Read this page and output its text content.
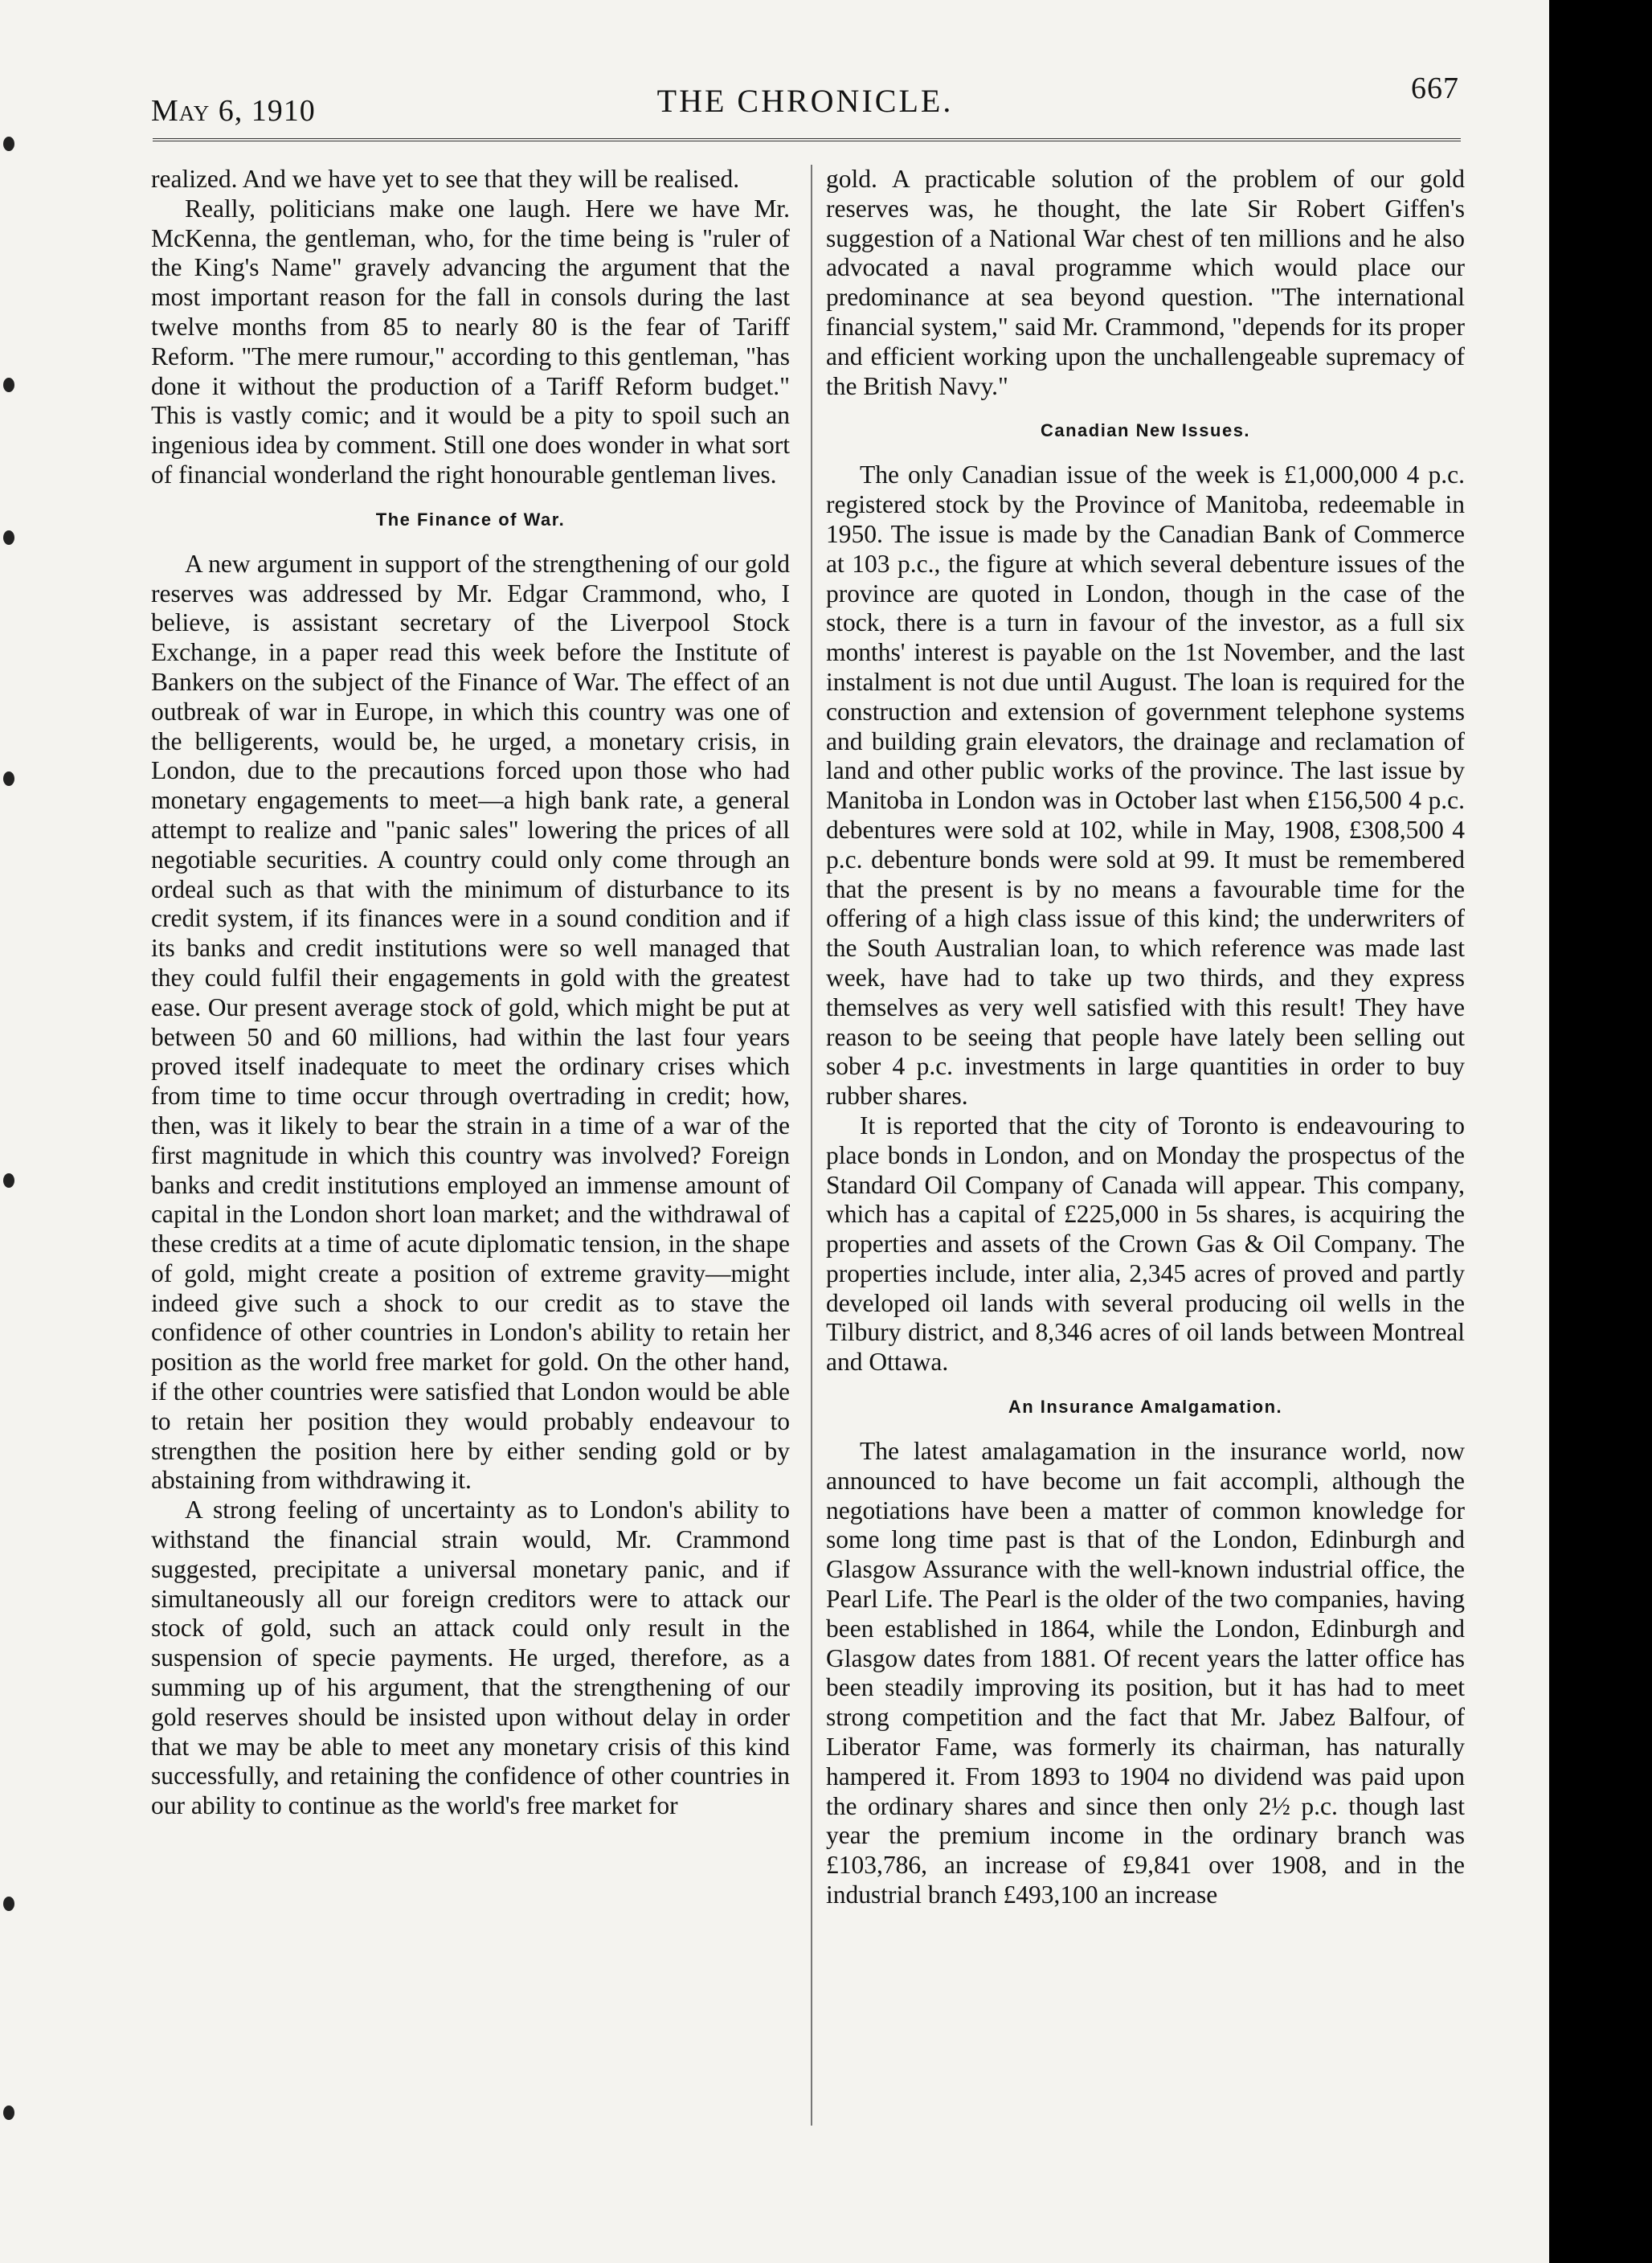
May 6, 1910	THE CHRONICLE.	667

realized. And we have yet to see that they will be realised.

Really, politicians make one laugh. Here we have Mr. McKenna, the gentleman, who, for the time being is "ruler of the King's Name" gravely advancing the argument that the most important reason for the fall in consols during the last twelve months from 85 to nearly 80 is the fear of Tariff Reform. "The mere rumour," according to this gentleman, "has done it without the production of a Tariff Reform budget." This is vastly comic; and it would be a pity to spoil such an ingenious idea by comment. Still one does wonder in what sort of financial wonderland the right honourable gentleman lives.

The Finance of War.

A new argument in support of the strengthening of our gold reserves was addressed by Mr. Edgar Crammond, who, I believe, is assistant secretary of the Liverpool Stock Exchange, in a paper read this week before the Institute of Bankers on the subject of the Finance of War. The effect of an outbreak of war in Europe, in which this country was one of the belligerents, would be, he urged, a monetary crisis, in London, due to the precautions forced upon those who had monetary engagements to meet—a high bank rate, a general attempt to realize and "panic sales" lowering the prices of all negotiable securities. A country could only come through an ordeal such as that with the minimum of disturbance to its credit system, if its finances were in a sound condition and if its banks and credit institutions were so well managed that they could fulfil their engagements in gold with the greatest ease. Our present average stock of gold, which might be put at between 50 and 60 millions, had within the last four years proved itself inadequate to meet the ordinary crises which from time to time occur through overtrading in credit; how, then, was it likely to bear the strain in a time of a war of the first magnitude in which this country was involved? Foreign banks and credit institutions employed an immense amount of capital in the London short loan market; and the withdrawal of these credits at a time of acute diplomatic tension, in the shape of gold, might create a position of extreme gravity—might indeed give such a shock to our credit as to stave the confidence of other countries in London's ability to retain her position as the world free market for gold. On the other hand, if the other countries were satisfied that London would be able to retain her position they would probably endeavour to strengthen the position here by either sending gold or by abstaining from withdrawing it.

A strong feeling of uncertainty as to London's ability to withstand the financial strain would, Mr. Crammond suggested, precipitate a universal monetary panic, and if simultaneously all our foreign creditors were to attack our stock of gold, such an attack could only result in the suspension of specie payments. He urged, therefore, as a summing up of his argument, that the strengthening of our gold reserves should be insisted upon without delay in order that we may be able to meet any monetary crisis of this kind successfully, and retaining the confidence of other countries in our ability to continue as the world's free market for

gold. A practicable solution of the problem of our gold reserves was, he thought, the late Sir Robert Giffen's suggestion of a National War chest of ten millions and he also advocated a naval programme which would place our predominance at sea beyond question. "The international financial system," said Mr. Crammond, "depends for its proper and efficient working upon the unchallengeable supremacy of the British Navy."

Canadian New Issues.

The only Canadian issue of the week is £1,000,000 4 p.c. registered stock by the Province of Manitoba, redeemable in 1950. The issue is made by the Canadian Bank of Commerce at 103 p.c., the figure at which several debenture issues of the province are quoted in London, though in the case of the stock, there is a turn in favour of the investor, as a full six months' interest is payable on the 1st November, and the last instalment is not due until August. The loan is required for the construction and extension of government telephone systems and building grain elevators, the drainage and reclamation of land and other public works of the province. The last issue by Manitoba in London was in October last when £156,500 4 p.c. debentures were sold at 102, while in May, 1908, £308,500 4 p.c. debenture bonds were sold at 99. It must be remembered that the present is by no means a favourable time for the offering of a high class issue of this kind; the underwriters of the South Australian loan, to which reference was made last week, have had to take up two thirds, and they express themselves as very well satisfied with this result! They have reason to be seeing that people have lately been selling out sober 4 p.c. investments in large quantities in order to buy rubber shares.

It is reported that the city of Toronto is endeavouring to place bonds in London, and on Monday the prospectus of the Standard Oil Company of Canada will appear. This company, which has a capital of £225,000 in 5s shares, is acquiring the properties and assets of the Crown Gas & Oil Company. The properties include, inter alia, 2,345 acres of proved and partly developed oil lands with several producing oil wells in the Tilbury district, and 8,346 acres of oil lands between Montreal and Ottawa.

An Insurance Amalgamation.

The latest amalagamation in the insurance world, now announced to have become un fait accompli, although the negotiations have been a matter of common knowledge for some long time past is that of the London, Edinburgh and Glasgow Assurance with the well-known industrial office, the Pearl Life. The Pearl is the older of the two companies, having been established in 1864, while the London, Edinburgh and Glasgow dates from 1881. Of recent years the latter office has been steadily improving its position, but it has had to meet strong competition and the fact that Mr. Jabez Balfour, of Liberator Fame, was formerly its chairman, has naturally hampered it. From 1893 to 1904 no dividend was paid upon the ordinary shares and since then only 2½ p.c. though last year the premium income in the ordinary branch was £103,786, an increase of £9,841 over 1908, and in the industrial branch £493,100 an increase
